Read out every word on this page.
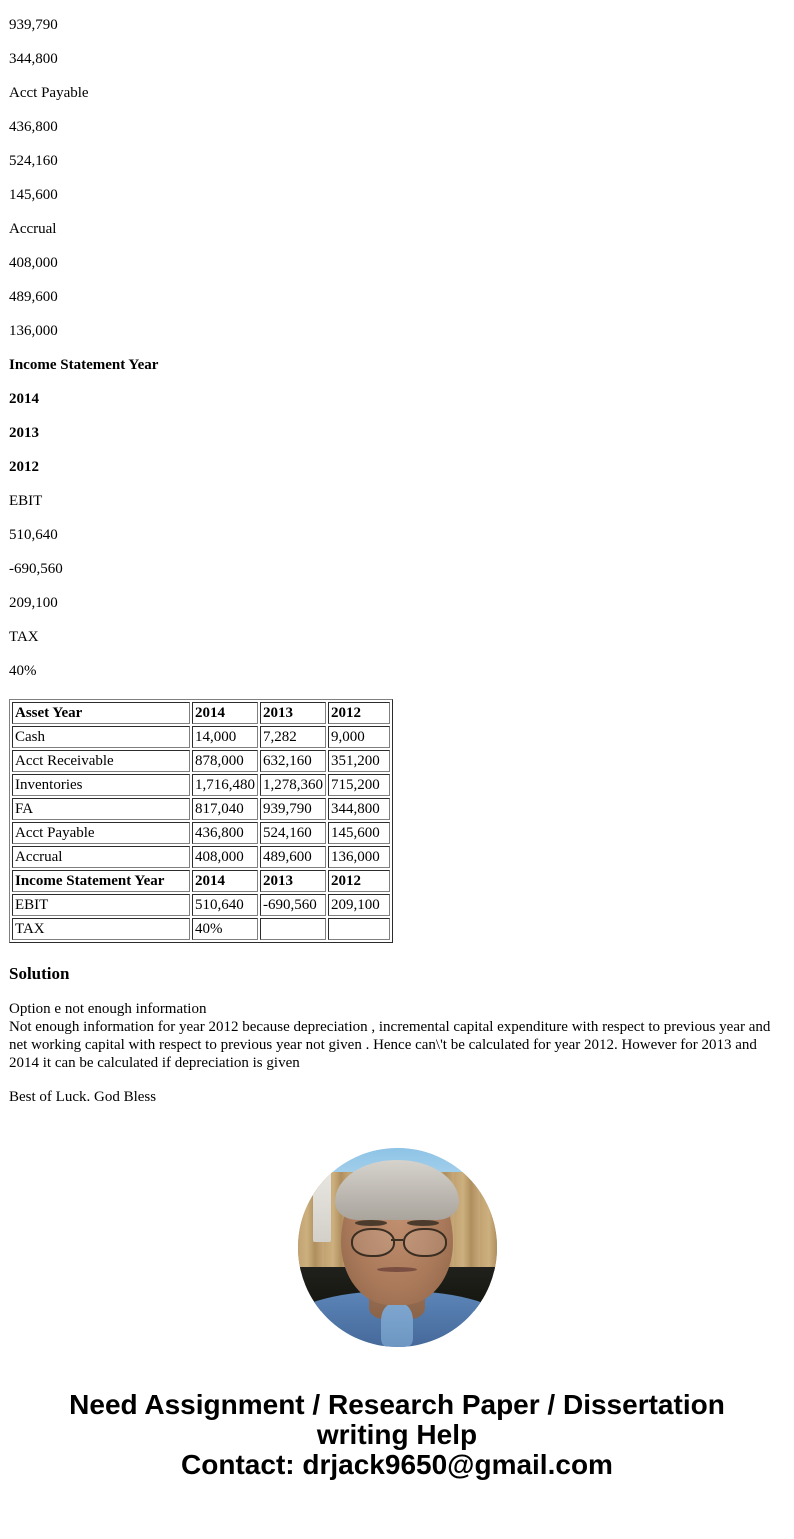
939,790

344,800

Acct Payable

436,800

524,160

145,600

Accrual

408,000

489,600

136,000

Income Statement Year

2014

2013

2012

EBIT

510,640

-690,560

209,100

TAX

40%

Asset Year	2014	2013	2012
Cash	14,000	7,282	9,000
Acct Receivable	878,000	632,160	351,200
Inventories	1,716,480	1,278,360	715,200
FA	817,040	939,790	344,800
Acct Payable	436,800	524,160	145,600
Accrual	408,000	489,600	136,000
Income Statement Year	2014	2013	2012
EBIT	510,640	-690,560	209,100
TAX	40%		
Solution

Option e not enough information
Not enough information for year 2012 because depreciation , incremental capital expenditure with respect to previous year and net working capital with respect to previous year not given . Hence can\'t be calculated for year 2012. However for 2013 and 2014 it can be calculated if depreciation is given

Best of Luck. God Bless

Need Assignment / Research Paper / Dissertation
writing Help
Contact: drjack9650@gmail.com
